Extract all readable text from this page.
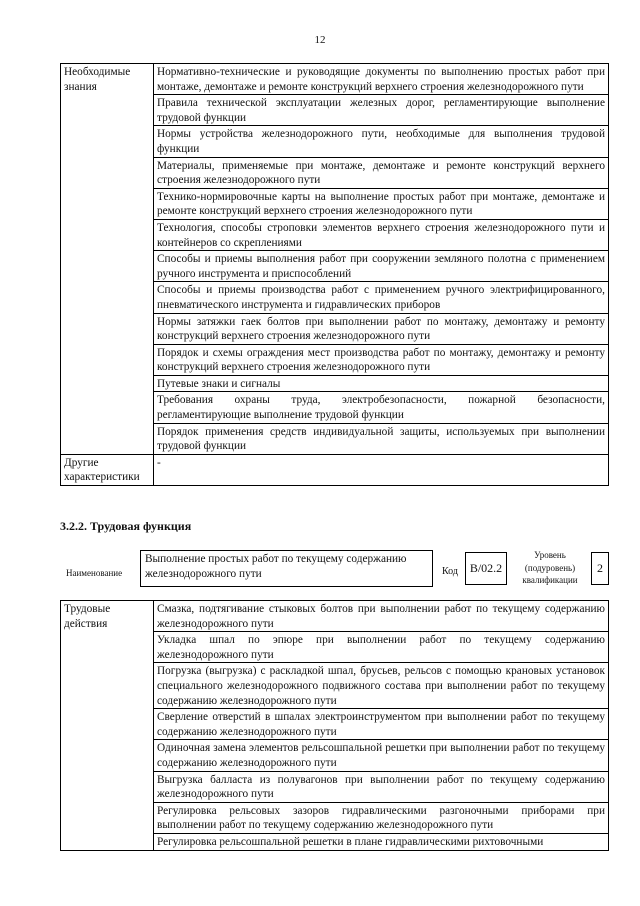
12
Необходимые знания	Нормативно-технические и руководящие документы по выполнению простых работ при монтаже, демонтаже и ремонте конструкций верхнего строения железнодорожного пути
	Правила технической эксплуатации железных дорог, регламентирующие выполнение трудовой функции
	Нормы устройства железнодорожного пути, необходимые для выполнения трудовой функции
	Материалы, применяемые при монтаже, демонтаже и ремонте конструкций верхнего строения железнодорожного пути
	Технико-нормировочные карты на выполнение простых работ при монтаже, демонтаже и ремонте конструкций верхнего строения железнодорожного пути
	Технология, способы строповки элементов верхнего строения железнодорожного пути и контейнеров со скреплениями
	Способы и приемы выполнения работ при сооружении земляного полотна с применением ручного инструмента и приспособлений
	Способы и приемы производства работ с применением ручного электрифицированного, пневматического инструмента и гидравлических приборов
	Нормы затяжки гаек болтов при выполнении работ по монтажу, демонтажу и ремонту конструкций верхнего строения железнодорожного пути
	Порядок и схемы ограждения мест производства работ по монтажу, демонтажу и ремонту конструкций верхнего строения железнодорожного пути
	Путевые знаки и сигналы
	Требования охраны труда, электробезопасности, пожарной безопасности, регламентирующие выполнение трудовой функции
	Порядок применения средств индивидуальной защиты, используемых при выполнении трудовой функции
Другие характеристики	-
3.2.2. Трудовая функция
Наименование
Выполнение простых работ по текущему содержанию железнодорожного пути	Код B/02.2
Уровень (подуровень) квалификации
2
Трудовые действия	Смазка, подтягивание стыковых болтов при выполнении работ по текущему содержанию железнодорожного пути
Укладка шпал по эпюре при выполнении работ по текущему содержанию железнодорожного пути
Погрузка (выгрузка) с раскладкой шпал, брусьев, рельсов с помощью крановых установок специального железнодорожного подвижного состава при выполнении работ по текущему содержанию железнодорожного пути
Сверление отверстий в шпалах электроинструментом при выполнении работ по текущему содержанию железнодорожного пути
Одиночная замена элементов рельсошпальной решетки при выполнении работ по текущему содержанию железнодорожного пути
Выгрузка балласта из полувагонов при выполнении работ по текущему содержанию железнодорожного пути
Регулировка рельсовых зазоров гидравлическими разгоночными приборами при выполнении работ по текущему содержанию железнодорожного пути
Регулировка рельсошпальной решетки в плане гидравлическими рихтовочными
